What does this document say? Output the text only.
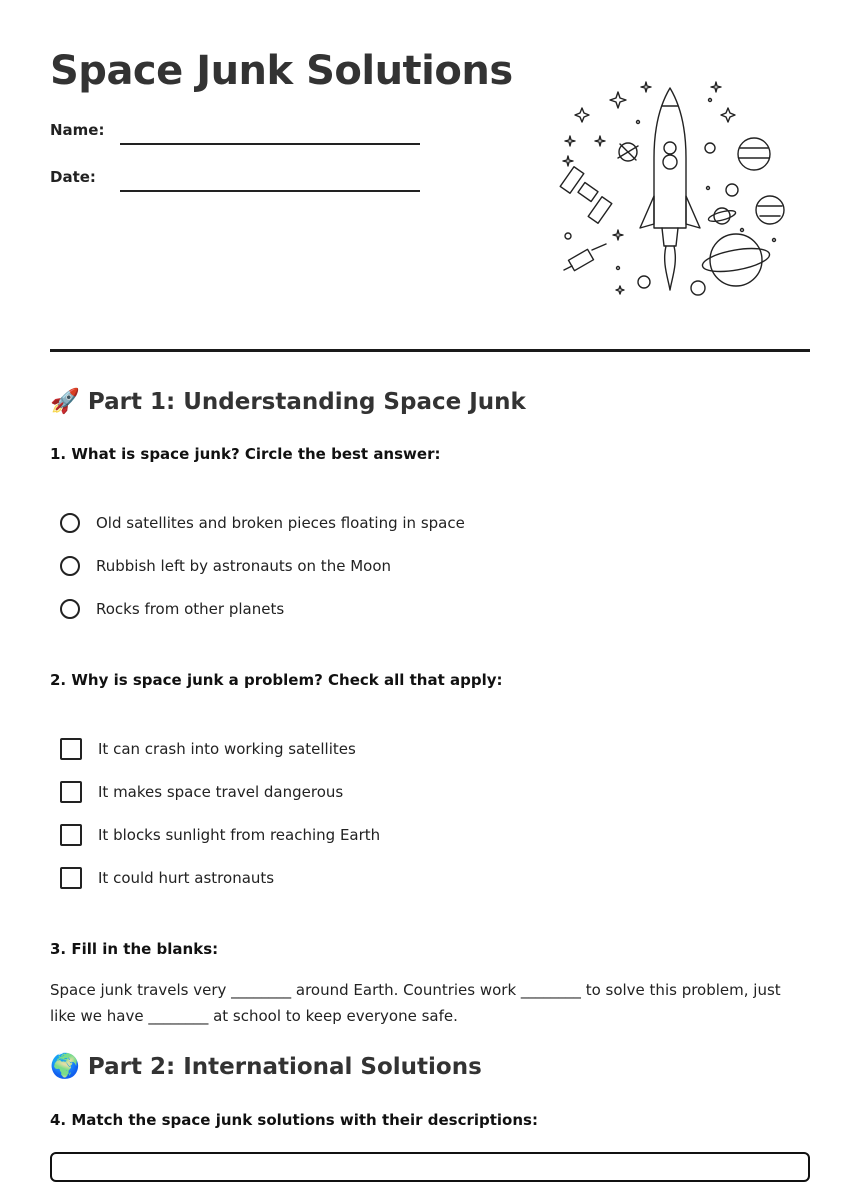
Space Junk Solutions
Name:
Date:
🚀 Part 1: Understanding Space Junk

1. What is space junk? Circle the best answer:

Old satellites and broken pieces floating in space
Rubbish left by astronauts on the Moon
Rocks from other planets

2. Why is space junk a problem? Check all that apply:

It can crash into working satellites
It makes space travel dangerous
It blocks sunlight from reaching Earth
It could hurt astronauts

3. Fill in the blanks:

Space junk travels very ________ around Earth. Countries work ________ to solve this problem, just like we have ________ at school to keep everyone safe.

🌍 Part 2: International Solutions

4. Match the space junk solutions with their descriptions:
